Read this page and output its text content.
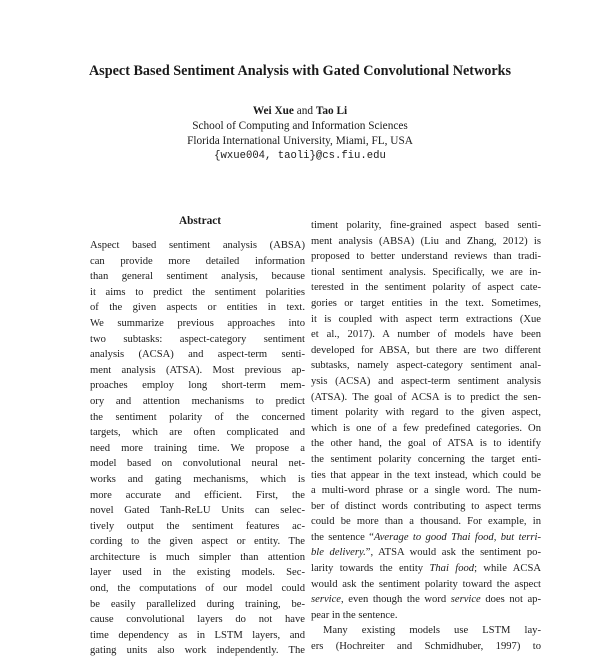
Aspect Based Sentiment Analysis with Gated Convolutional Networks
Wei Xue and Tao Li
School of Computing and Information Sciences
Florida International University, Miami, FL, USA
{wxue004, taoli}@cs.fiu.edu
Abstract
Aspect based sentiment analysis (ABSA)
can provide more detailed information
than general sentiment analysis, because
it aims to predict the sentiment polarities
of the given aspects or entities in text.
We summarize previous approaches into
two subtasks: aspect-category sentiment
analysis (ACSA) and aspect-term senti-
ment analysis (ATSA). Most previous ap-
proaches employ long short-term mem-
ory and attention mechanisms to predict
the sentiment polarity of the concerned
targets, which are often complicated and
need more training time. We propose a
model based on convolutional neural net-
works and gating mechanisms, which is
more accurate and efficient. First, the
novel Gated Tanh-ReLU Units can selec-
tively output the sentiment features ac-
cording to the given aspect or entity. The
architecture is much simpler than attention
layer used in the existing models. Sec-
ond, the computations of our model could
be easily parallelized during training, be-
cause convolutional layers do not have
time dependency as in LSTM layers, and
gating units also work independently. The
timent polarity, fine-grained aspect based senti-
ment analysis (ABSA) (Liu and Zhang, 2012) is
proposed to better understand reviews than tradi-
tional sentiment analysis. Specifically, we are in-
terested in the sentiment polarity of aspect cate-
gories or target entities in the text. Sometimes,
it is coupled with aspect term extractions (Xue
et al., 2017). A number of models have been
developed for ABSA, but there are two different
subtasks, namely aspect-category sentiment anal-
ysis (ACSA) and aspect-term sentiment analysis
(ATSA). The goal of ACSA is to predict the sen-
timent polarity with regard to the given aspect,
which is one of a few predefined categories. On
the other hand, the goal of ATSA is to identify
the sentiment polarity concerning the target enti-
ties that appear in the text instead, which could be
a multi-word phrase or a single word. The num-
ber of distinct words contributing to aspect terms
could be more than a thousand. For example, in
the sentence “Average to good Thai food, but terri-
ble delivery.”, ATSA would ask the sentiment po-
larity towards the entity Thai food; while ACSA
would ask the sentiment polarity toward the aspect
service, even though the word service does not ap-
pear in the sentence.
Many existing models use LSTM lay-
ers (Hochreiter and Schmidhuber, 1997) to
